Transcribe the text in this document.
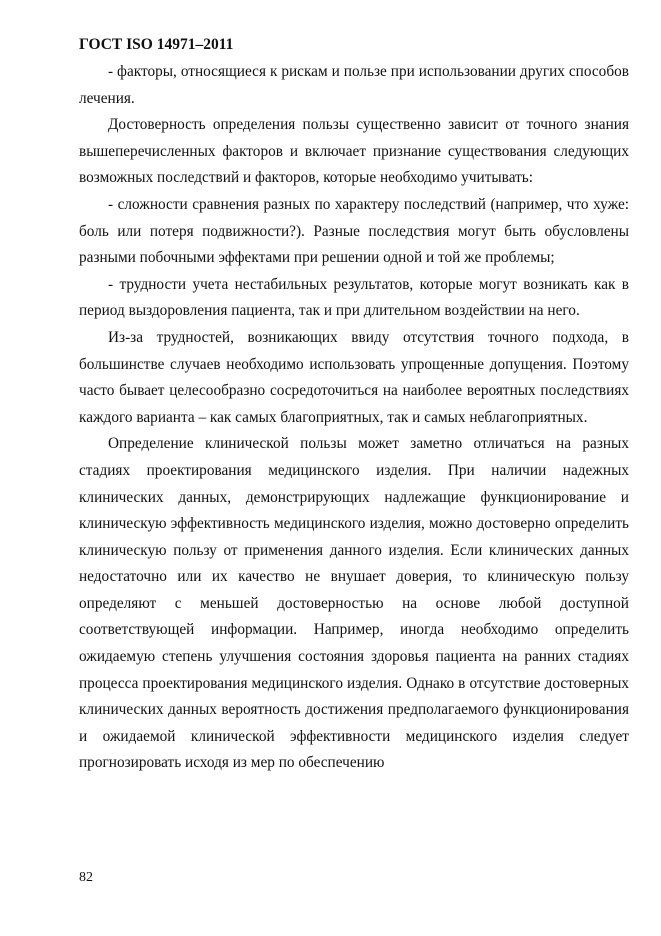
ГОСТ ISO 14971–2011

- факторы, относящиеся к рискам и пользе при использовании других способов лечения.

Достоверность определения пользы существенно зависит от точного знания вышеперечисленных факторов и включает признание существования следующих возможных последствий и факторов, которые необходимо учитывать:

- сложности сравнения разных по характеру последствий (например, что хуже: боль или потеря подвижности?). Разные последствия могут быть обусловлены разными побочными эффектами при решении одной и той же проблемы;

- трудности учета нестабильных результатов, которые могут возникать как в период выздоровления пациента, так и при длительном воздействии на него.

Из-за трудностей, возникающих ввиду отсутствия точного подхода, в большинстве случаев необходимо использовать упрощенные допущения. Поэтому часто бывает целесообразно сосредоточиться на наиболее вероятных последствиях каждого варианта – как самых благоприятных, так и самых неблагоприятных.

Определение клинической пользы может заметно отличаться на разных стадиях проектирования медицинского изделия. При наличии надежных клинических данных, демонстрирующих надлежащие функционирование и клиническую эффективность медицинского изделия, можно достоверно определить клиническую пользу от применения данного изделия. Если клинических данных недостаточно или их качество не внушает доверия, то клиническую пользу определяют с меньшей достоверностью на основе любой доступной соответствующей информации. Например, иногда необходимо определить ожидаемую степень улучшения состояния здоровья пациента на ранних стадиях процесса проектирования медицинского изделия. Однако в отсутствие достоверных клинических данных вероятность достижения предполагаемого функционирования и ожидаемой клинической эффективности медицинского изделия следует прогнозировать исходя из мер по обеспечению

82
